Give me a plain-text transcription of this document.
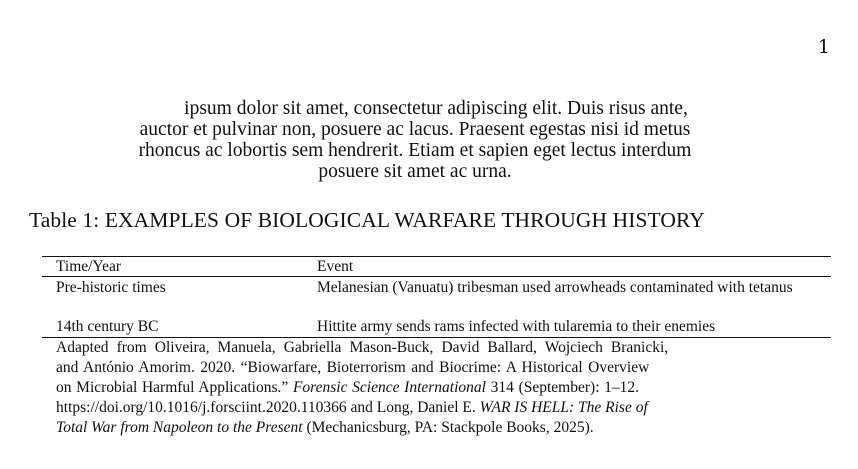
1
ipsum dolor sit amet, consectetur adipiscing elit. Duis risus ante,
auctor et pulvinar non, posuere ac lacus. Praesent egestas nisi id metus
rhoncus ac lobortis sem hendrerit. Etiam et sapien eget lectus interdum
posuere sit amet ac urna.
Table 1: EXAMPLES OF BIOLOGICAL WARFARE THROUGH HISTORY
Time/Year	Event
Pre-historic times	Melanesian (Vanuatu) tribesman used arrowheads contaminated with tetanus
14th century BC	Hittite army sends rams infected with tularemia to their enemies
Adapted from Oliveira, Manuela, Gabriella Mason-Buck, David Ballard, Wojciech Branicki,
and António Amorim. 2020. “Biowarfare, Bioterrorism and Biocrime: A Historical Overview
on Microbial Harmful Applications.” Forensic Science International 314 (September): 1–12.
https://doi.org/10.1016/j.forsciint.2020.110366 and Long, Daniel E. WAR IS HELL: The Rise of
Total War from Napoleon to the Present (Mechanicsburg, PA: Stackpole Books, 2025).
